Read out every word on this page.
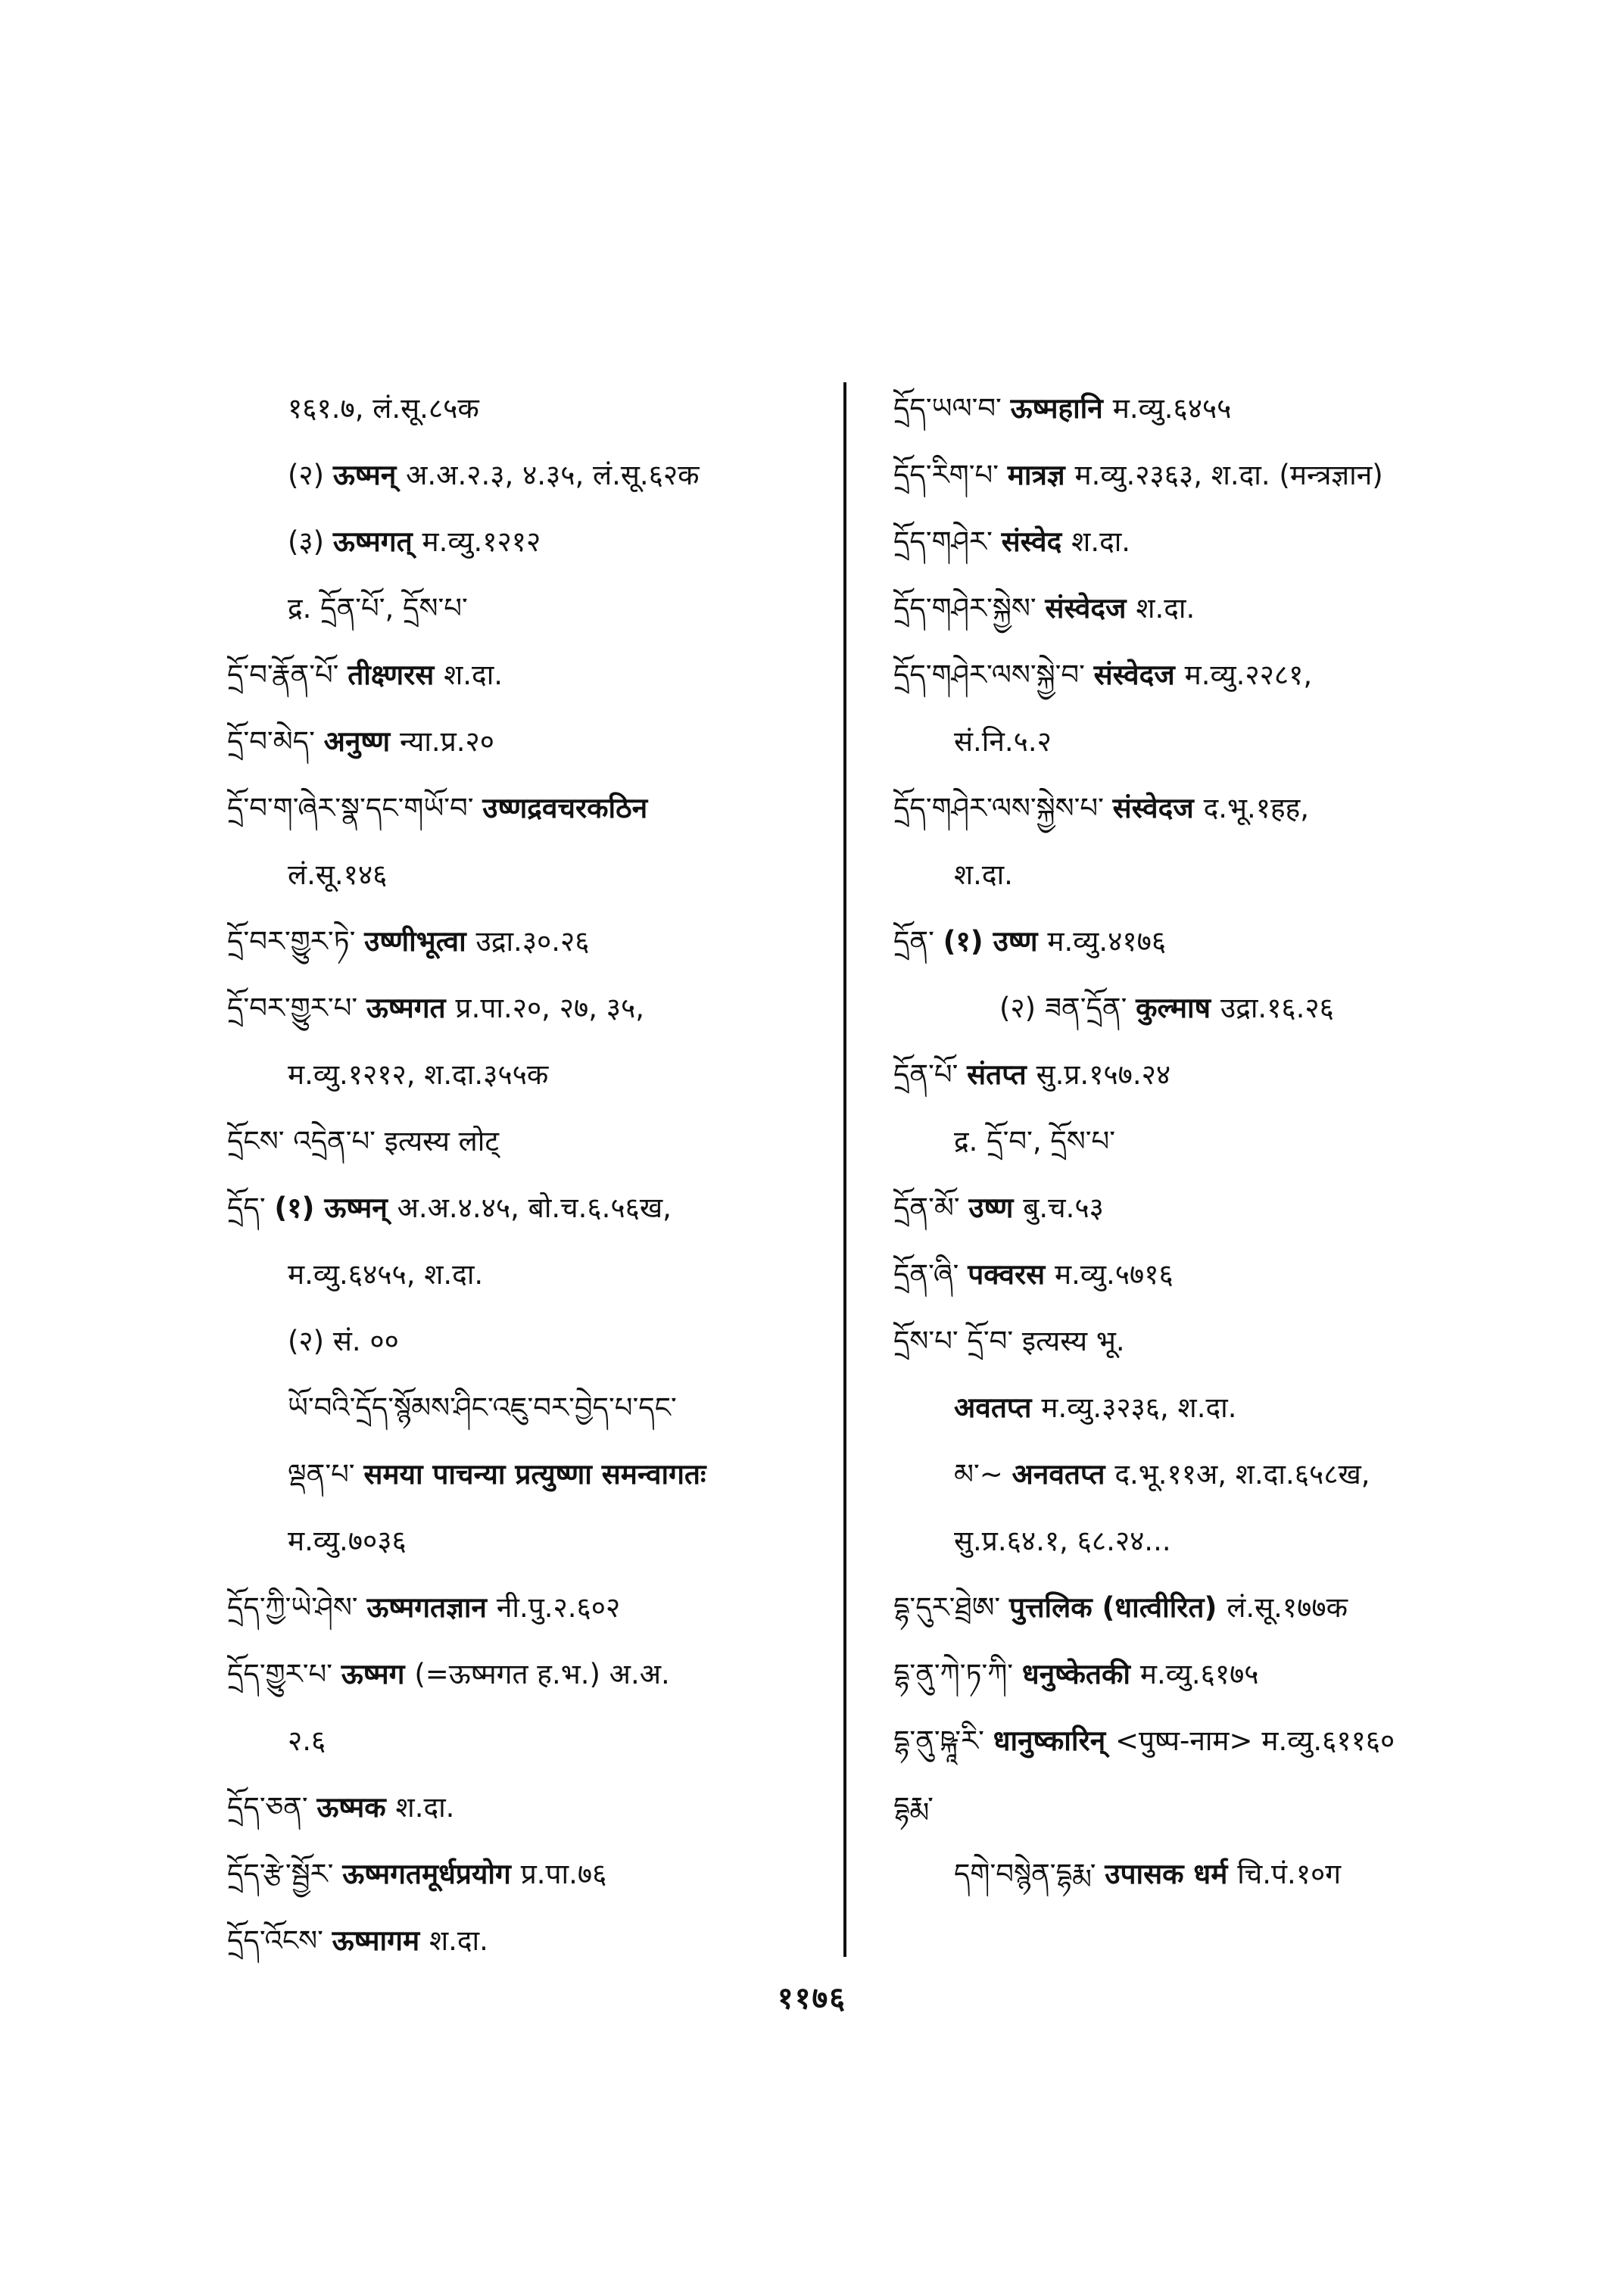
१६१.७, लं.सू.८५क
(२) ऊष्मन् अ.अ.२.३, ४.३५, लं.सू.६२क
(३) ऊष्मगत् म.व्यु.१२१२
द्र. དྲོན་པོ་, དྲོས་པ་
དྲོ་བ་རྣོན་པོ་ तीक्ष्णरस श.दा.
དྲོ་བ་མེད་ अनुष्ण न्या.प्र.२०
དྲོ་བ་ག་ཞེར་སྣ་དང་གཡོ་བ་ उष्णद्रवचरकठिन
लं.सू.१४६
དྲོ་བར་གྱུར་ཏེ་ उष्णीभूत्वा उद्रा.३०.२६
དྲོ་བར་གྱུར་པ་ ऊष्मगत प्र.पा.२०, २७, ३५,
म.व्यु.१२१२, श.दा.३५५क
དྲོངས་ འདྲེན་པ་ इत्यस्य लोट्
དྲོད་ (१) ऊष्मन् अ.अ.४.४५, बो.च.६.५६ख,
म.व्यु.६४५५, श.दा.
(२) सं. ००
ཡོ་བའི་དྲོད་སྙོམས་ཤིང་འཇུ་བར་བྱེད་པ་དང་
ལྡན་པ་ समया पाचन्या प्रत्युष्णा समन्वागतः
म.व्यु.७०३६
དྲོད་ཀྱི་ཡེ་ཤེས་ ऊष्मगतज्ञान नी.पु.२.६०२
དྲོད་གྱུར་པ་ ऊष्मग (=ऊष्मगत ह.भ.) अ.अ.
२.६
དྲོད་ཅན་ ऊष्मक श.दा.
དྲོད་རྩེ་སྦྱོར་ ऊष्मगतमूर्धप्रयोग प्र.पा.७६
དྲོད་འོངས་ ऊष्मागम श.दा.
དྲོད་ཡལ་བ་ ऊष्महानि म.व्यु.६४५५
དྲོད་རིག་པ་ मात्रज्ञ म.व्यु.२३६३, श.दा. (मन्त्रज्ञान)
དྲོད་གཤེར་ संस्वेद श.दा.
དྲོད་གཤེར་སྐྱེས་ संस्वेदज श.दा.
དྲོད་གཤེར་ལས་སྐྱེ་བ་ संस्वेदज म.व्यु.२२८१,
सं.नि.५.२
དྲོད་གཤེར་ལས་སྐྱེས་པ་ संस्वेदज द.भू.१हह,
श.दा.
དྲོན་ (१) उष्ण म.व्यु.४१७६
(२) ཟན་དྲོན་ कुल्माष उद्रा.१६.२६
དྲོན་པོ་ संतप्त सु.प्र.१५७.२४
द्र. དྲོ་བ་, དྲོས་པ་
དྲོན་མོ་ उष्ण बु.च.५३
དྲོན་ཞི་ पक्वरस म.व्यु.५७१६
དྲོས་པ་ དྲོ་བ་ इत्यस्य भू.
अवतप्त म.व्यु.३२३६, श.दा.
མ་~ अनवतप्त द.भू.११अ, श.दा.६५८ख,
सु.प्र.६४.१, ६८.२४...
དྷ་དུར་ཐྲེཨ་ पुत्तलिक (धात्वीरित) लं.सू.१७७क
དྷ་ནུ་ཀེ་ཏ་ཀི་ धनुष्केतकी म.व्यु.६१७५
དྷ་ནུ་ཥྐཱ་རི་ धानुष्कारिन् <पुष्प-नाम> म.व्यु.६११६०
དྷརྨ་
དགེ་བསྙེན་དྷརྨ་ उपासक धर्म चि.पं.१०ग
११७६
